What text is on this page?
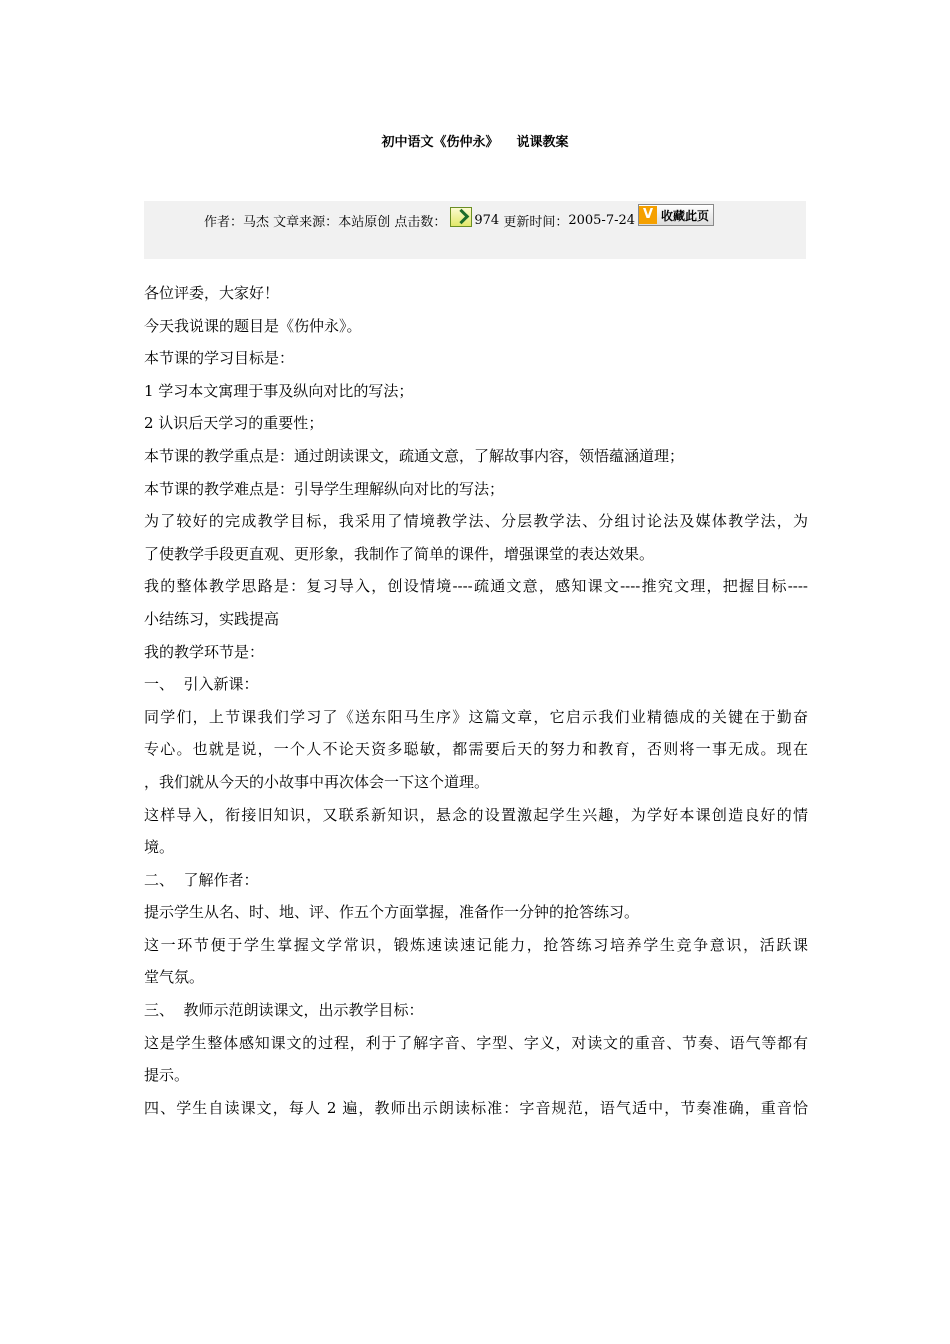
初中语文《伤仲永》 说课教案
作者： 马杰
文章来源： 本站原创
点击数： 974
更新时间： 2005-7-24 V 收藏此页

各位评委，大家好！

今天我说课的题目是《伤仲永》。

本节课的学习目标是：

1 学习本文寓理于事及纵向对比的写法；

2 认识后天学习的重要性；

本节课的教学重点是：通过朗读课文，疏通文意，了解故事内容，领悟蕴涵道理；

本节课的教学难点是：引导学生理解纵向对比的写法；

为了较好的完成教学目标，我采用了情境教学法、分层教学法、分组讨论法及媒体教学法，为

了使教学手段更直观、更形象，我制作了简单的课件，增强课堂的表达效果。

我的整体教学思路是：复习导入，创设情境----疏通文意，感知课文----推究文理，把握目标----

小结练习，实践提高

我的教学环节是：

一、  引入新课：

同学们，上节课我们学习了《送东阳马生序》这篇文章，它启示我们业精德成的关键在于勤奋

专心。也就是说，一个人不论天资多聪敏，都需要后天的努力和教育，否则将一事无成。现在

，我们就从今天的小故事中再次体会一下这个道理。

这样导入，衔接旧知识，又联系新知识，悬念的设置激起学生兴趣，为学好本课创造良好的情

境。

二、  了解作者：

提示学生从名、时、地、评、作五个方面掌握，准备作一分钟的抢答练习。

这一环节便于学生掌握文学常识，锻炼速读速记能力，抢答练习培养学生竞争意识，活跃课

堂气氛。

三、  教师示范朗读课文，出示教学目标：

这是学生整体感知课文的过程，利于了解字音、字型、字义，对读文的重音、节奏、语气等都有

提示。

四、学生自读课文，每人 2 遍，教师出示朗读标准：字音规范，语气适中，节奏准确，重音恰
